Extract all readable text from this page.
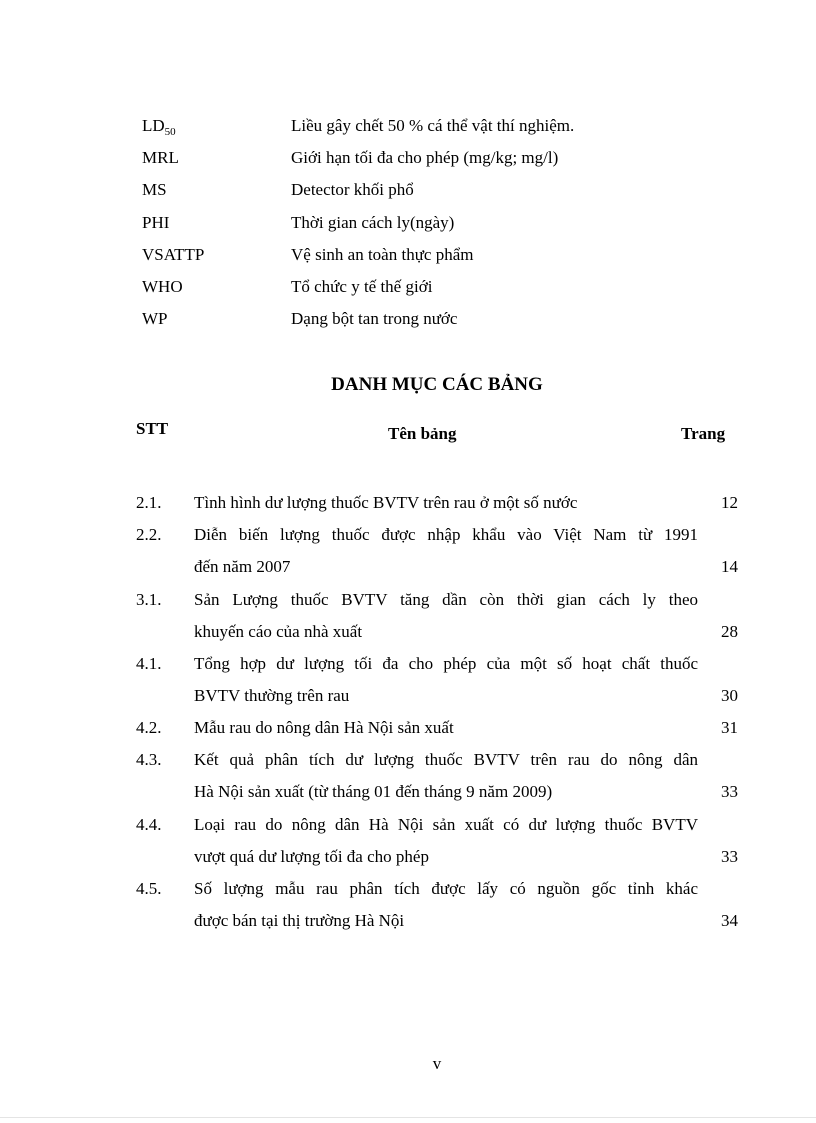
$LD_{50}$	Liều gây chết 50 % cá thể vật thí nghiệm.
MRL	Giới hạn tối đa cho phép (mg/kg; mg/l)
MS	Detector khối phổ
PHI	Thời gian cách ly(ngày)
VSATTP	Vệ sinh an toàn thực phẩm
WHO	Tổ chức y tế thế giới
WP	Dạng bột tan trong nước
DANH MỤC CÁC BẢNG
STT	Tên bảng	Trang
2.1. Tình hình dư lượng thuốc BVTV trên rau ở một số nước	12
2.2. Diễn biến lượng thuốc được nhập khẩu vào Việt Nam từ 1991
đến năm 2007	14
3.1. Sản Lượng thuốc BVTV tăng dần còn thời gian cách ly theo
khuyến cáo của nhà xuất	28
4.1. Tổng hợp dư lượng tối đa cho phép của một số hoạt chất thuốc
BVTV thường trên rau	30
4.2. Mẫu rau do nông dân Hà Nội sản xuất	31
4.3. Kết quả phân tích dư lượng thuốc BVTV trên rau do nông dân
Hà Nội sản xuất (từ tháng 01 đến tháng 9 năm 2009)	33
4.4. Loại rau do nông dân Hà Nội sản xuất có dư lượng thuốc BVTV
vượt quá dư lượng tối đa cho phép	33
4.5. Số lượng mẫu rau phân tích được lấy có nguồn gốc tỉnh khác
được bán tại thị trường Hà Nội	34
v
